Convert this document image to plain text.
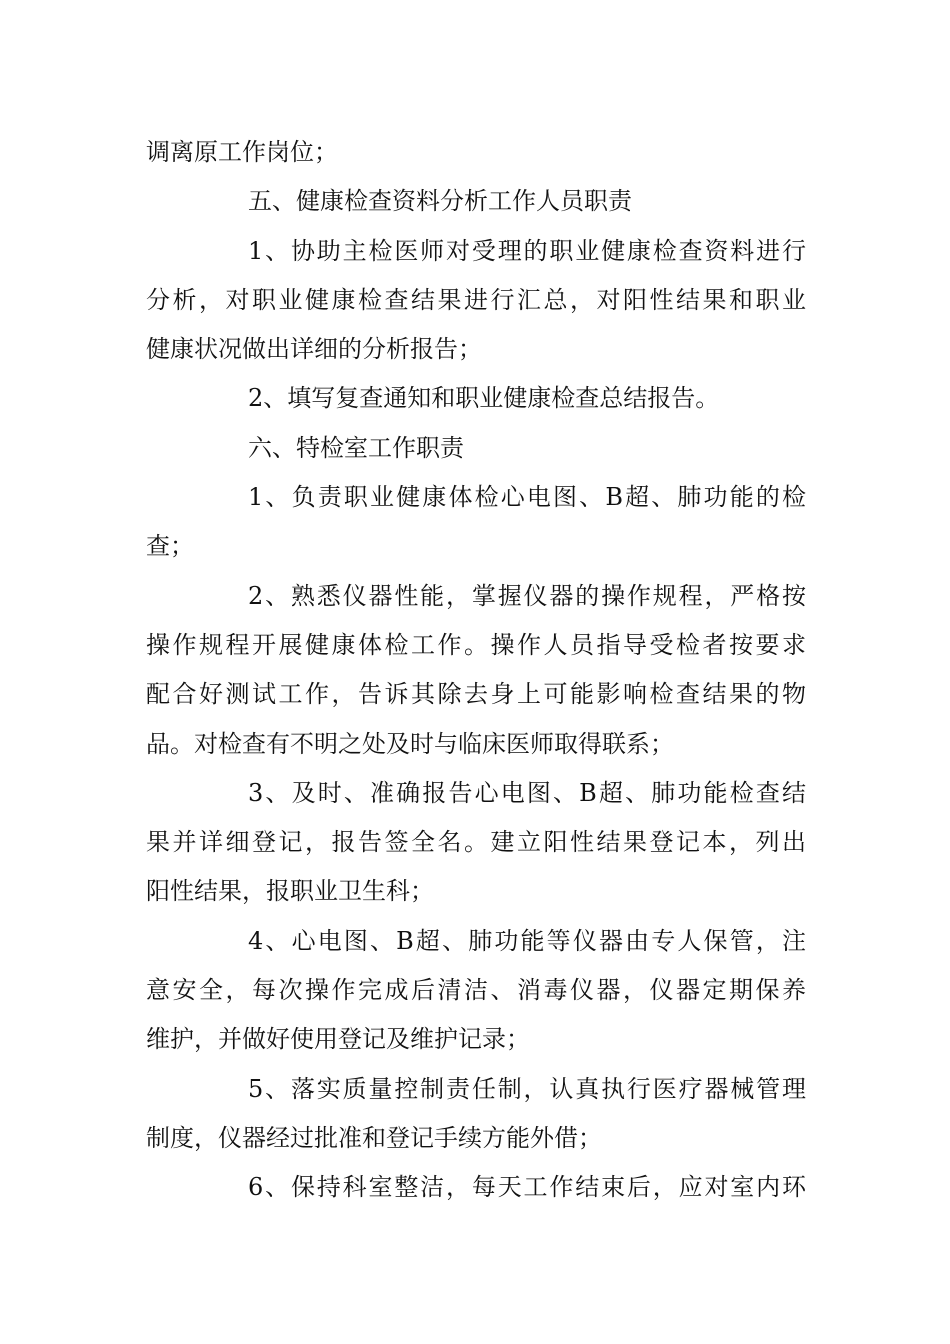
调离原工作岗位；
五、健康检查资料分析工作人员职责
1、协助主检医师对受理的职业健康检查资料进行
分析，对职业健康检查结果进行汇总，对阳性结果和职业
健康状况做出详细的分析报告；
2、填写复查通知和职业健康检查总结报告。
六、特检室工作职责
1、负责职业健康体检心电图、B超、肺功能的检
查；
2、熟悉仪器性能，掌握仪器的操作规程，严格按
操作规程开展健康体检工作。操作人员指导受检者按要求
配合好测试工作，告诉其除去身上可能影响检查结果的物
品。对检查有不明之处及时与临床医师取得联系；
3、及时、准确报告心电图、B超、肺功能检查结
果并详细登记，报告签全名。建立阳性结果登记本，列出
阳性结果，报职业卫生科；
4、心电图、B超、肺功能等仪器由专人保管，注
意安全，每次操作完成后清洁、消毒仪器，仪器定期保养
维护，并做好使用登记及维护记录；
5、落实质量控制责任制，认真执行医疗器械管理
制度，仪器经过批准和登记手续方能外借；
6、保持科室整洁，每天工作结束后，应对室内环
